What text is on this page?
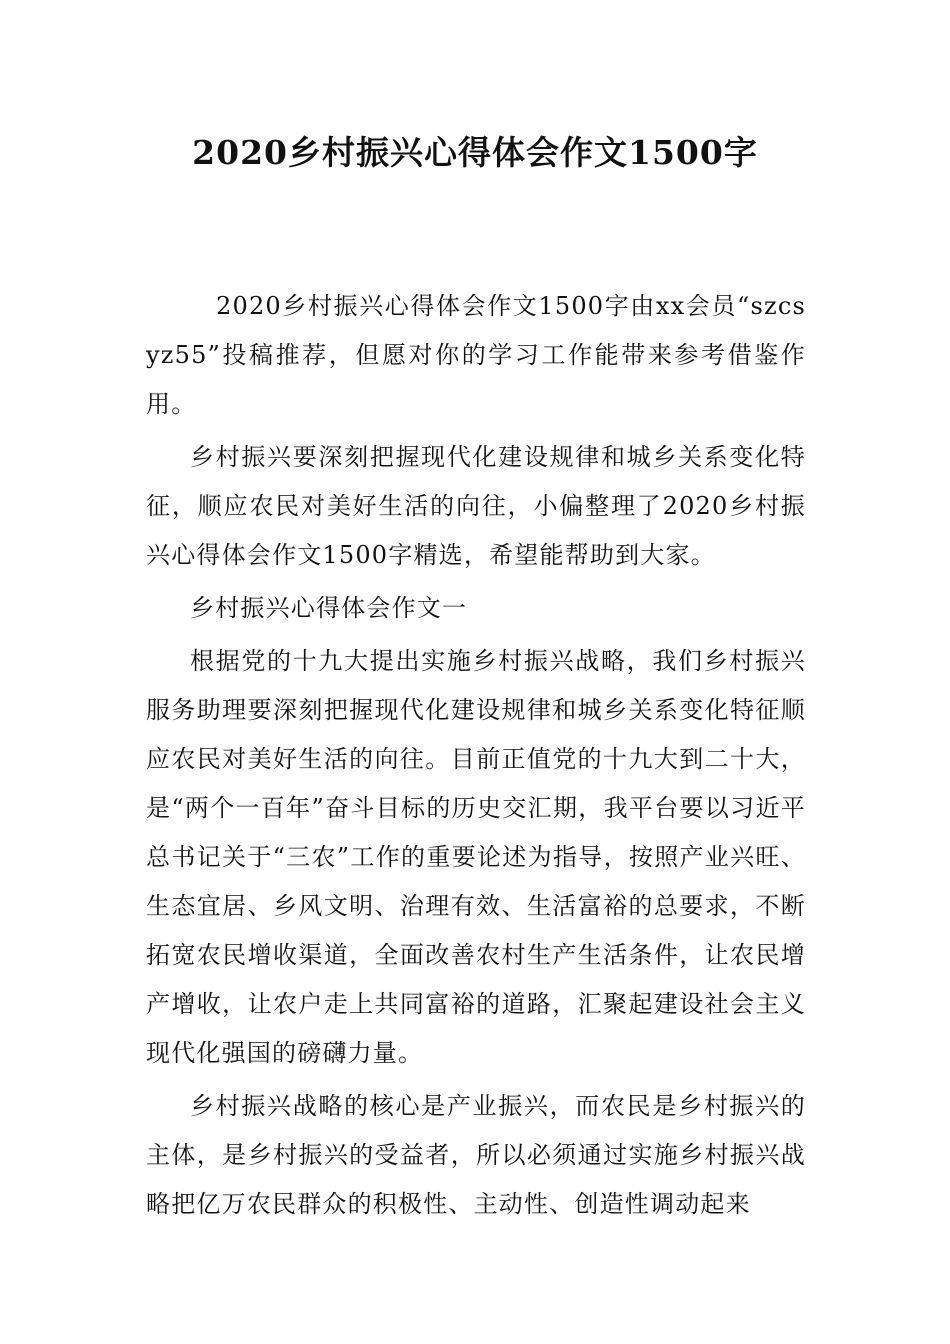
2020乡村振兴心得体会作文1500字

2020乡村振兴心得体会作文1500字由xx会员“szcsyz55”投稿推荐，但愿对你的学习工作能带来参考借鉴作用。

乡村振兴要深刻把握现代化建设规律和城乡关系变化特征，顺应农民对美好生活的向往，小偏整理了2020乡村振兴心得体会作文1500字精选，希望能帮助到大家。

乡村振兴心得体会作文一

根据党的十九大提出实施乡村振兴战略，我们乡村振兴服务助理要深刻把握现代化建设规律和城乡关系变化特征顺应农民对美好生活的向往。目前正值党的十九大到二十大，是“两个一百年”奋斗目标的历史交汇期，我平台要以习近平总书记关于“三农”工作的重要论述为指导，按照产业兴旺、生态宜居、乡风文明、治理有效、生活富裕的总要求，不断拓宽农民增收渠道，全面改善农村生产生活条件，让农民增产增收，让农户走上共同富裕的道路，汇聚起建设社会主义现代化强国的磅礴力量。

乡村振兴战略的核心是产业振兴，而农民是乡村振兴的主体，是乡村振兴的受益者，所以必须通过实施乡村振兴战略把亿万农民群众的积极性、主动性、创造性调动起来
